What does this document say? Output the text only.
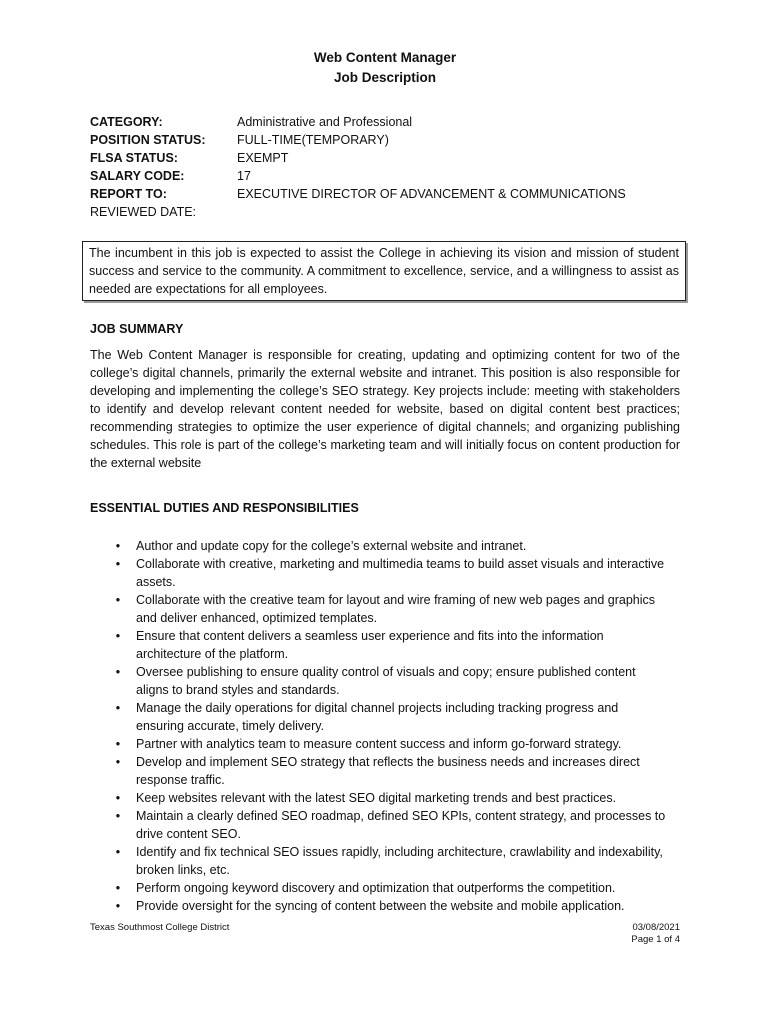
Web Content Manager
Job Description
CATEGORY:	Administrative and Professional
POSITION STATUS:	FULL-TIME(TEMPORARY)
FLSA STATUS:	EXEMPT
SALARY CODE:	17
REPORT TO:	EXECUTIVE DIRECTOR OF ADVANCEMENT & COMMUNICATIONS
REVIEWED DATE:
The incumbent in this job is expected to assist the College in achieving its vision and mission of student success and service to the community. A commitment to excellence, service, and a willingness to assist as needed are expectations for all employees.
JOB SUMMARY
The Web Content Manager is responsible for creating, updating and optimizing content for two of the college’s digital channels, primarily the external website and intranet. This position is also responsible for developing and implementing the college’s SEO strategy. Key projects include: meeting with stakeholders to identify and develop relevant content needed for website, based on digital content best practices; recommending strategies to optimize the user experience of digital channels; and organizing publishing schedules. This role is part of the college’s marketing team and will initially focus on content production for the external website
ESSENTIAL DUTIES AND RESPONSIBILITIES
• Author and update copy for the college’s external website and intranet.
• Collaborate with creative, marketing and multimedia teams to build asset visuals and interactive assets.
• Collaborate with the creative team for layout and wire framing of new web pages and graphics and deliver enhanced, optimized templates.
• Ensure that content delivers a seamless user experience and fits into the information architecture of the platform.
• Oversee publishing to ensure quality control of visuals and copy; ensure published content aligns to brand styles and standards.
• Manage the daily operations for digital channel projects including tracking progress and ensuring accurate, timely delivery.
• Partner with analytics team to measure content success and inform go-forward strategy.
• Develop and implement SEO strategy that reflects the business needs and increases direct response traffic.
• Keep websites relevant with the latest SEO digital marketing trends and best practices.
• Maintain a clearly defined SEO roadmap, defined SEO KPIs, content strategy, and processes to drive content SEO.
• Identify and fix technical SEO issues rapidly, including architecture, crawlability and indexability, broken links, etc.
• Perform ongoing keyword discovery and optimization that outperforms the competition.
• Provide oversight for the syncing of content between the website and mobile application.
Texas Southmost College District	03/08/2021
Page 1 of 4
